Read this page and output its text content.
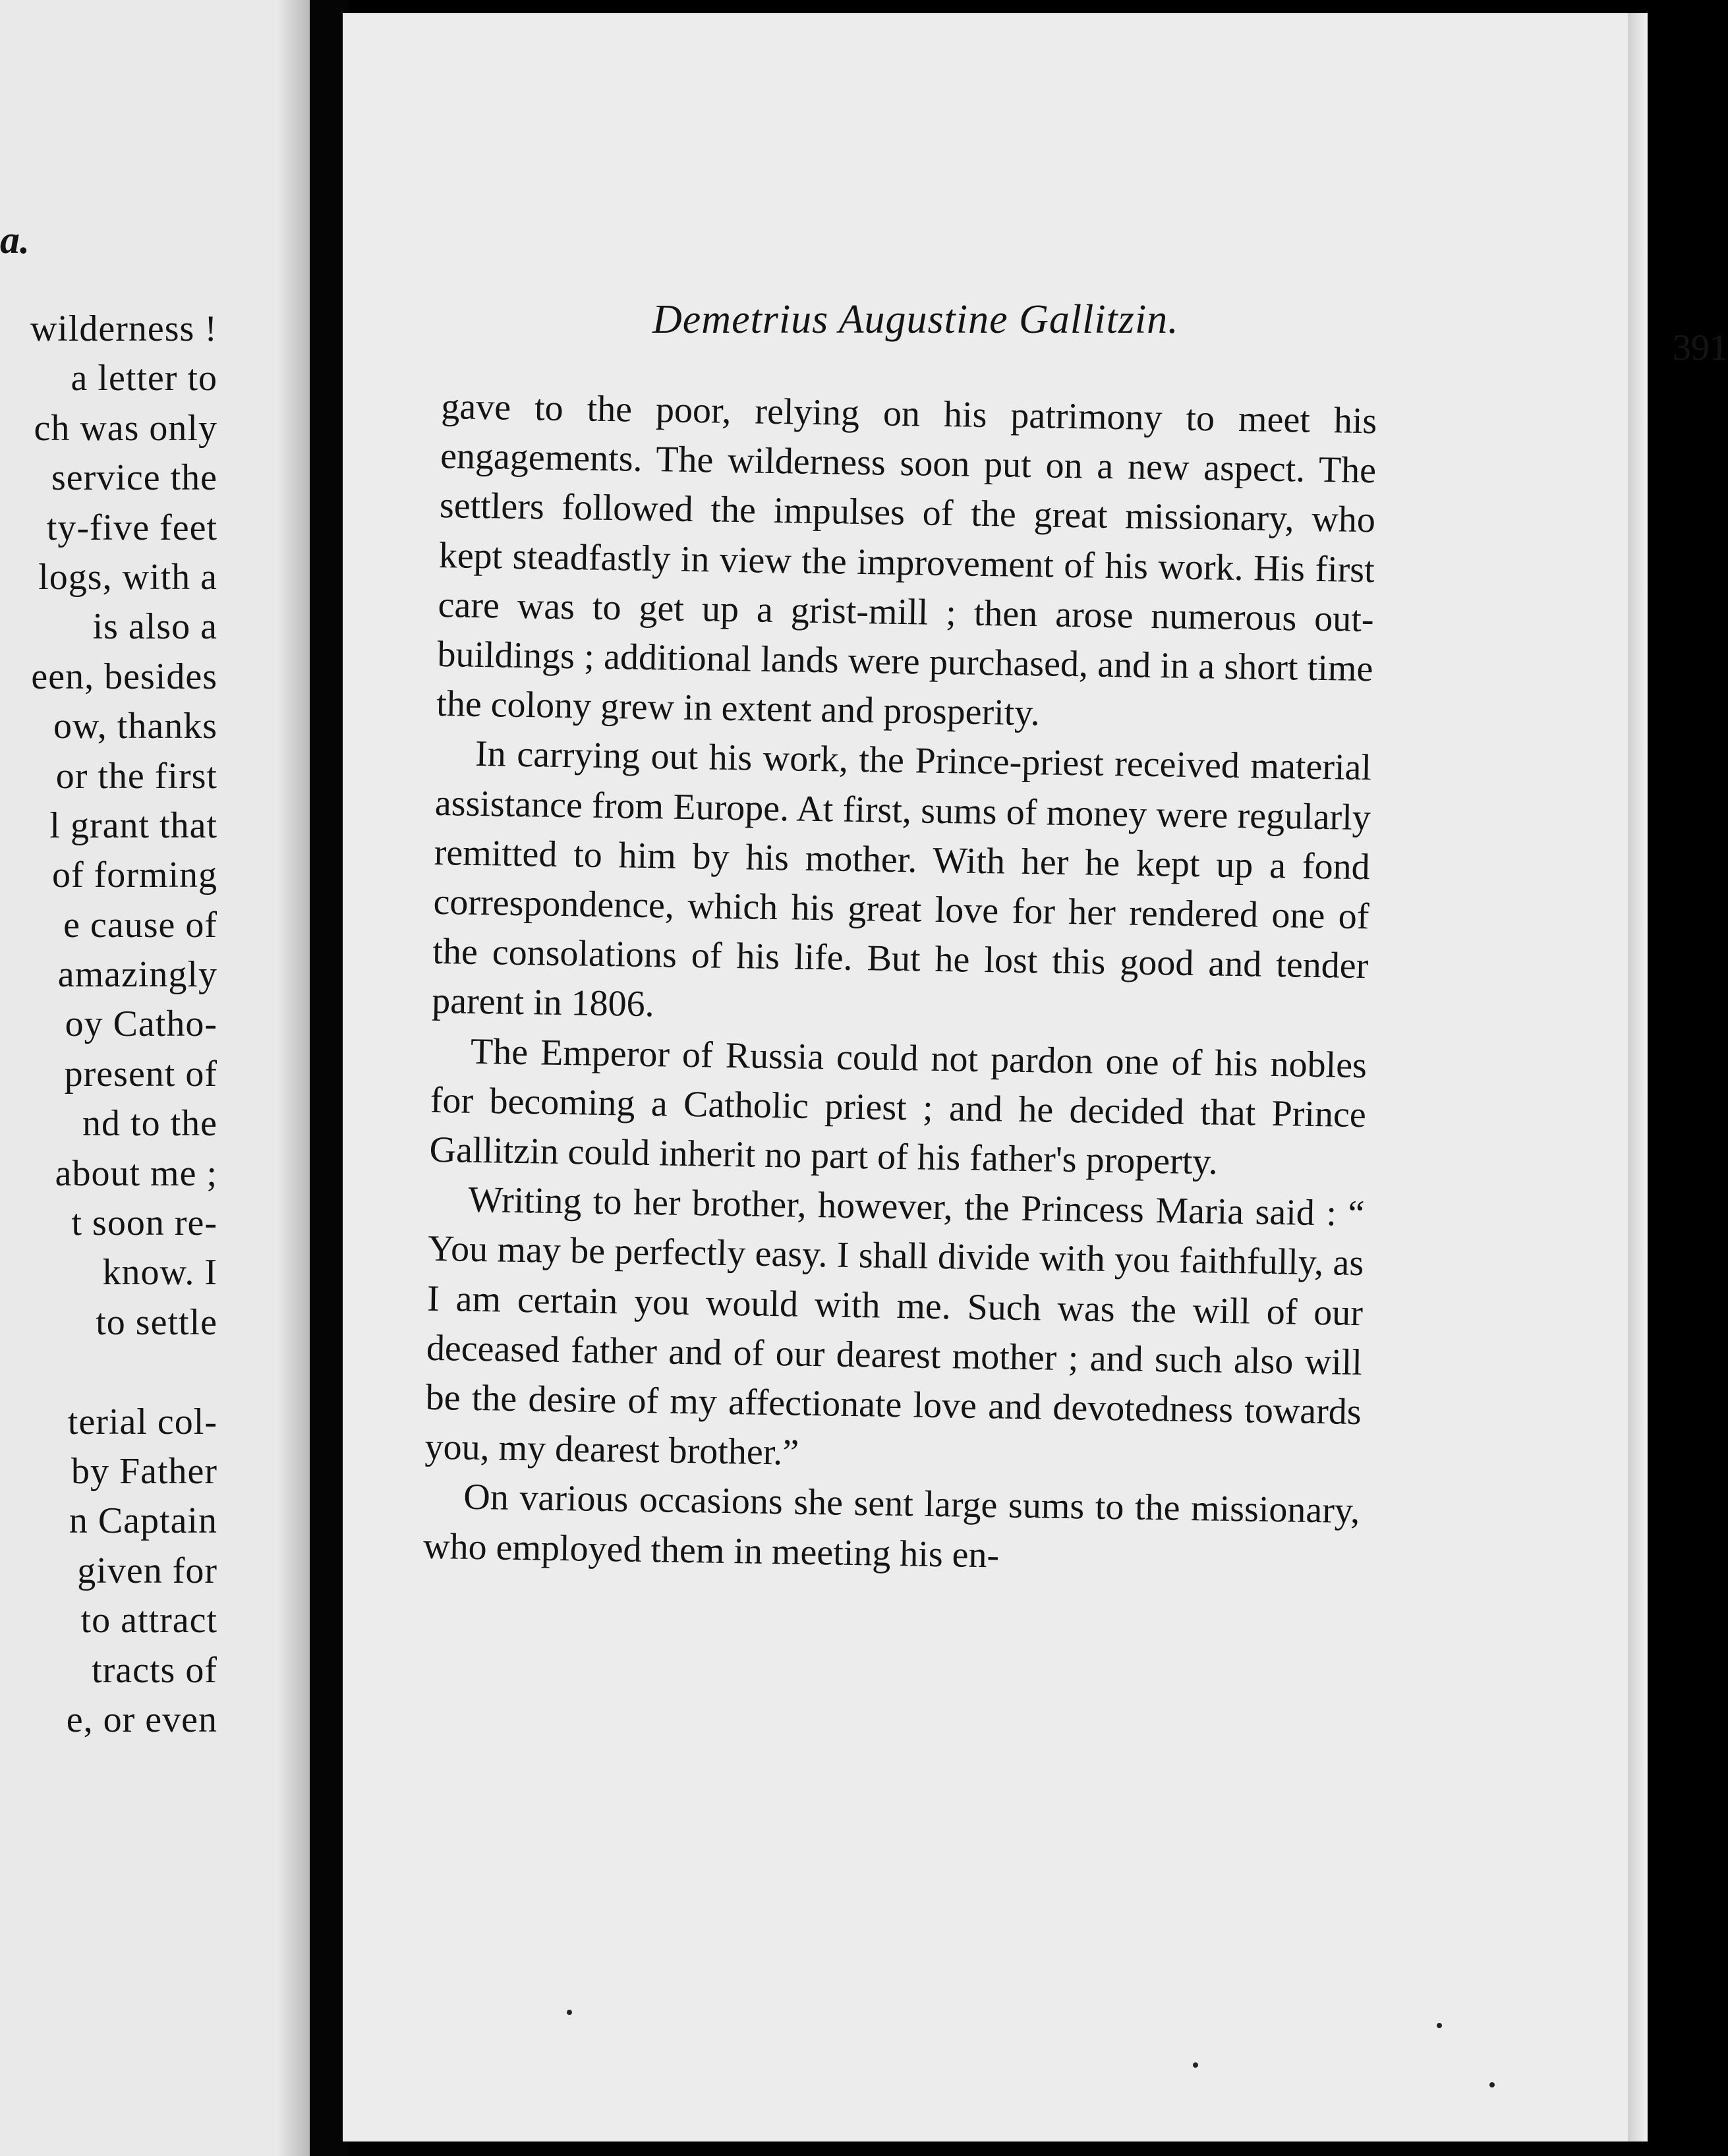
a.
wilderness !
a letter to
ch was only
service the
ty-five feet
logs, with a
is also a
een, besides
ow, thanks
or the first
l grant that
of forming
e cause of
amazingly
oy Catho-
present of
nd to the
about me ;
t soon re-
know. I
to settle
terial col-
by Father
n Captain
given for
to attract
tracts of
e, or even
Demetrius Augustine Gallitzin.
391

gave to the poor, relying on his patrimony to meet his engagements. The wilderness soon put on a new aspect. The settlers followed the impulses of the great missionary, who kept steadfastly in view the improvement of his work. His first care was to get up a grist-mill ; then arose numerous out-buildings ; additional lands were purchased, and in a short time the colony grew in extent and prosperity.

In carrying out his work, the Prince-priest received material assistance from Europe. At first, sums of money were regularly remitted to him by his mother. With her he kept up a fond correspondence, which his great love for her rendered one of the consolations of his life. But he lost this good and tender parent in 1806.

The Emperor of Russia could not pardon one of his nobles for becoming a Catholic priest ; and he decided that Prince Gallitzin could inherit no part of his father's property.

Writing to her brother, however, the Princess Maria said : “ You may be perfectly easy. I shall divide with you faithfully, as I am certain you would with me. Such was the will of our deceased father and of our dearest mother ; and such also will be the desire of my affectionate love and devotedness towards you, my dearest brother.”

On various occasions she sent large sums to the missionary, who employed them in meeting his en-
